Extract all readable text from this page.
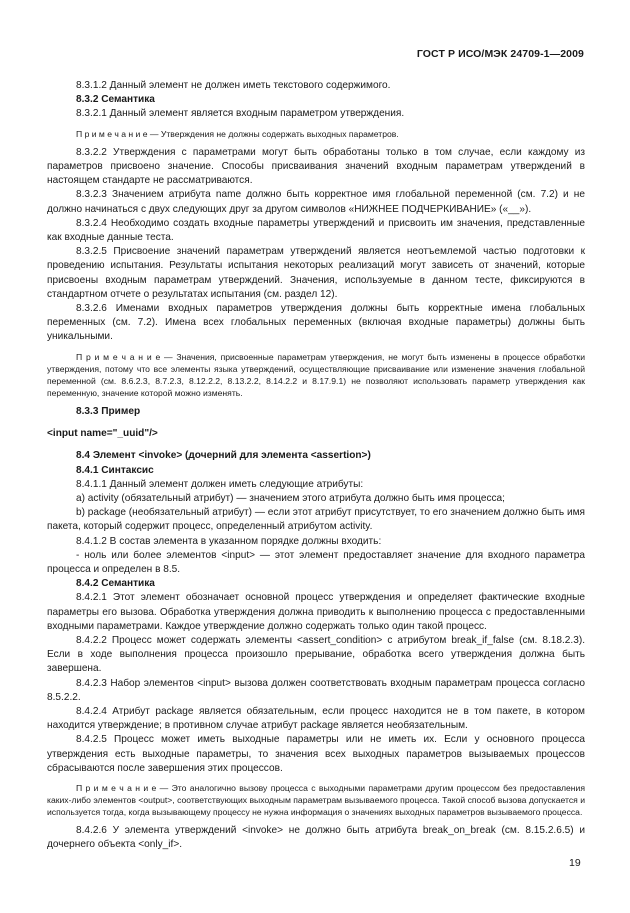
ГОСТ Р ИСО/МЭК 24709-1—2009

8.3.1.2 Данный элемент не должен иметь текстового содержимого.

8.3.2 Семантика

8.3.2.1 Данный элемент является входным параметром утверждения.

П р и м е ч а н и е — Утверждения не должны содержать выходных параметров.

8.3.2.2 Утверждения с параметрами могут быть обработаны только в том случае, если каждому из параметров присвоено значение. Способы присваивания значений входным параметрам утверждений в настоящем стандарте не рассматриваются.

8.3.2.3 Значением атрибута name должно быть корректное имя глобальной переменной (см. 7.2) и не должно начинаться с двух следующих друг за другом символов «НИЖНЕЕ ПОДЧЕРКИВАНИЕ» («__»).

8.3.2.4 Необходимо создать входные параметры утверждений и присвоить им значения, представленные как входные данные теста.

8.3.2.5 Присвоение значений параметрам утверждений является неотъемлемой частью подготовки к проведению испытания. Результаты испытания некоторых реализаций могут зависеть от значений, которые присвоены входным параметрам утверждений. Значения, используемые в данном тесте, фиксируются в стандартном отчете о результатах испытания (см. раздел 12).

8.3.2.6 Именами входных параметров утверждения должны быть корректные имена глобальных переменных (см. 7.2). Имена всех глобальных переменных (включая входные параметры) должны быть уникальными.

П р и м е ч а н и е — Значения, присвоенные параметрам утверждения, не могут быть изменены в процессе обработки утверждения, потому что все элементы языка утверждений, осуществляющие присваивание или изменение значения глобальной переменной (см. 8.6.2.3, 8.7.2.3, 8.12.2.2, 8.13.2.2, 8.14.2.2 и 8.17.9.1) не позволяют использовать параметр утверждения как переменную, значение которой можно изменять.

8.3.3 Пример

<input name="_uuid"/>

8.4 Элемент <invoke> (дочерний для элемента <assertion>)

8.4.1 Синтаксис

8.4.1.1 Данный элемент должен иметь следующие атрибуты:

a) activity (обязательный атрибут) — значением этого атрибута должно быть имя процесса;

b) package (необязательный атрибут) — если этот атрибут присутствует, то его значением должно быть имя пакета, который содержит процесс, определенный атрибутом activity.

8.4.1.2 В состав элемента в указанном порядке должны входить:

- ноль или более элементов <input> — этот элемент предоставляет значение для входного параметра процесса и определен в 8.5.

8.4.2 Семантика

8.4.2.1 Этот элемент обозначает основной процесс утверждения и определяет фактические входные параметры его вызова. Обработка утверждения должна приводить к выполнению процесса с предоставленными входными параметрами. Каждое утверждение должно содержать только один такой процесс.

8.4.2.2 Процесс может содержать элементы <assert_condition> с атрибутом break_if_false (см. 8.18.2.3). Если в ходе выполнения процесса произошло прерывание, обработка всего утверждения должна быть завершена.

8.4.2.3 Набор элементов <input> вызова должен соответствовать входным параметрам процесса согласно 8.5.2.2.

8.4.2.4 Атрибут package является обязательным, если процесс находится не в том пакете, в котором находится утверждение; в противном случае атрибут package является необязательным.

8.4.2.5 Процесс может иметь выходные параметры или не иметь их. Если у основного процесса утверждения есть выходные параметры, то значения всех выходных параметров вызываемых процессов сбрасываются после завершения этих процессов.

П р и м е ч а н и е — Это аналогично вызову процесса с выходными параметрами другим процессом без предоставления каких-либо элементов <output>, соответствующих выходным параметрам вызываемого процесса. Такой способ вызова допускается и используется тогда, когда вызывающему процессу не нужна информация о значениях выходных параметров вызываемого процесса.

8.4.2.6 У элемента утверждений <invoke> не должно быть атрибута break_on_break (см. 8.15.2.6.5) и дочернего объекта <only_if>.

19
